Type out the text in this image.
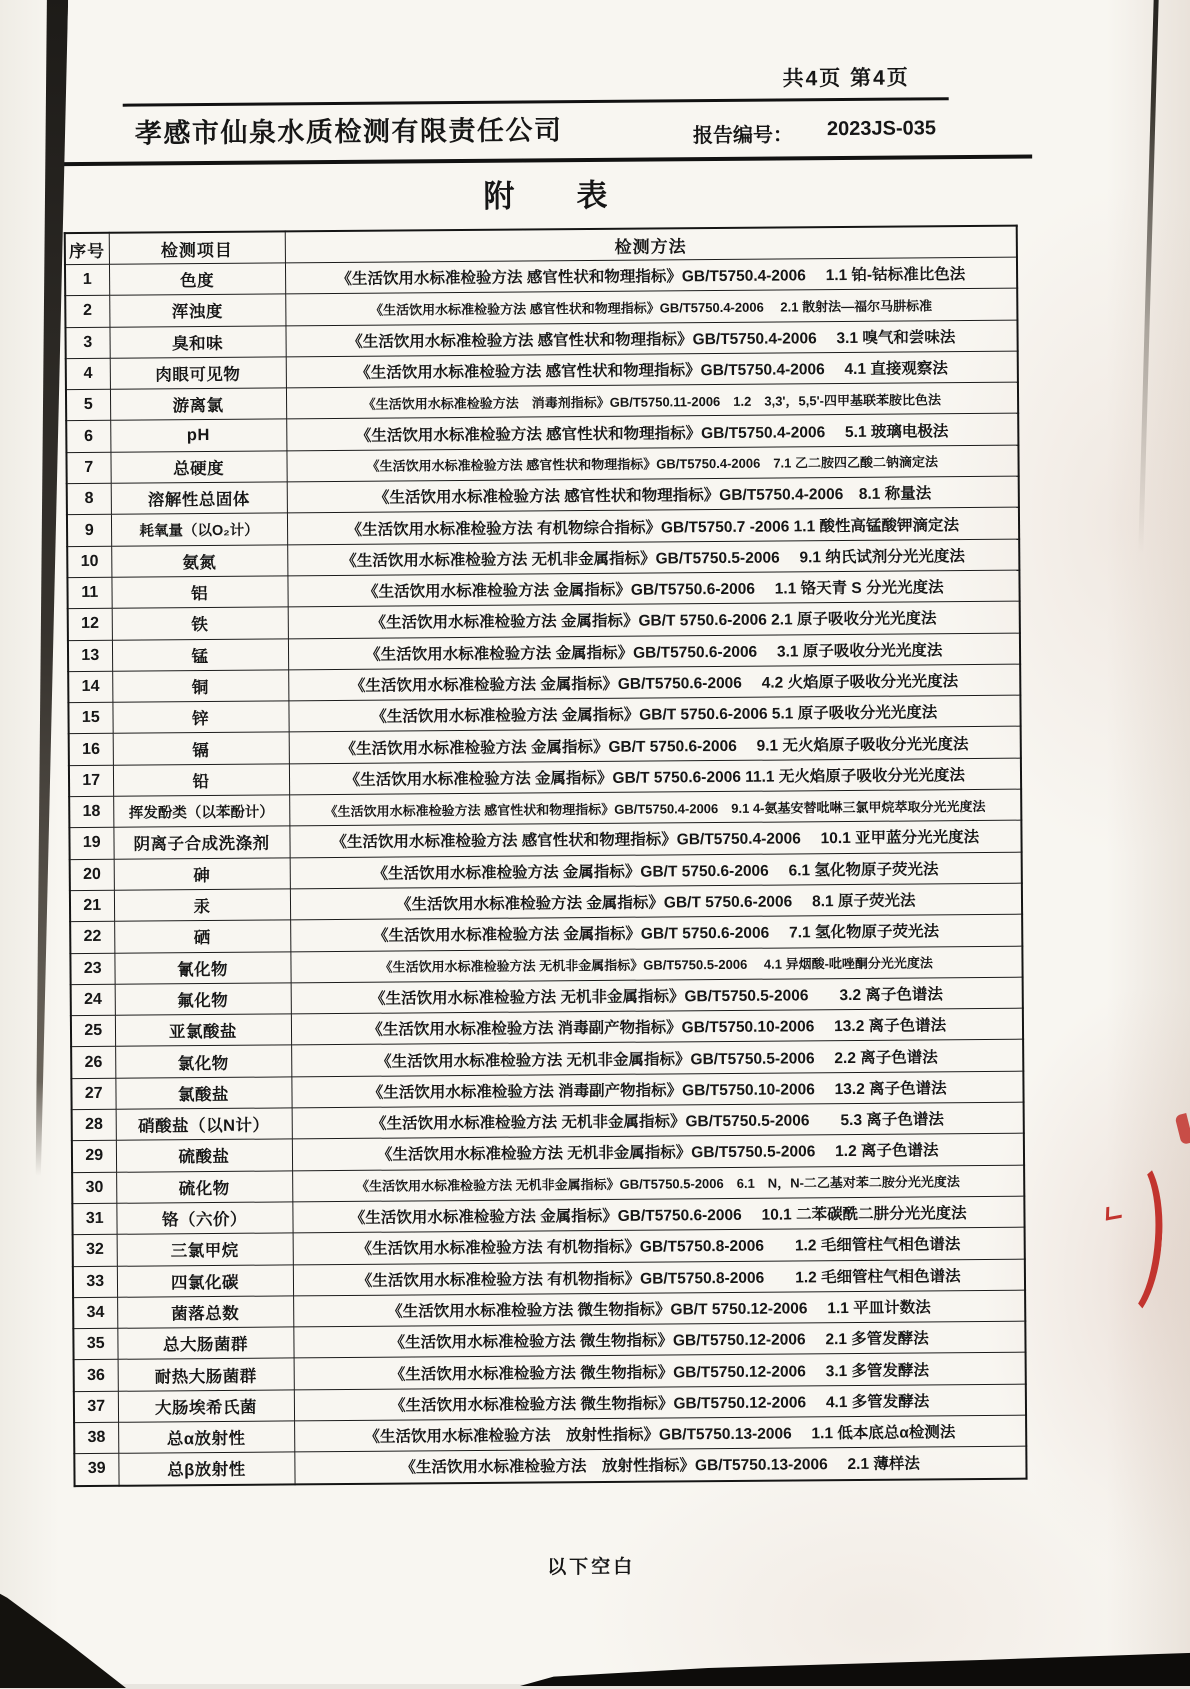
共4页 第4页
孝感市仙泉水质检测有限责任公司	报告编号： 2023JS-035
附　　表
序号	检测项目	检测方法
1	色度	《生活饮用水标准检验方法 感官性状和物理指标》GB/T5750.4-2006　 1.1 铂-钴标准比色法
2	浑浊度	《生活饮用水标准检验方法 感官性状和物理指标》GB/T5750.4-2006　 2.1 散射法—福尔马肼标准
3	臭和味	《生活饮用水标准检验方法 感官性状和物理指标》GB/T5750.4-2006　 3.1 嗅气和尝味法
4	肉眼可见物	《生活饮用水标准检验方法 感官性状和物理指标》GB/T5750.4-2006　 4.1 直接观察法
5	游离氯	《生活饮用水标准检验方法　消毒剂指标》GB/T5750.11-2006　1.2　3,3'，5,5'-四甲基联苯胺比色法
6	pH	《生活饮用水标准检验方法 感官性状和物理指标》GB/T5750.4-2006　 5.1 玻璃电极法
7	总硬度	《生活饮用水标准检验方法 感官性状和物理指标》GB/T5750.4-2006　7.1 乙二胺四乙酸二钠滴定法
8	溶解性总固体	《生活饮用水标准检验方法 感官性状和物理指标》GB/T5750.4-2006　8.1 称量法
9	耗氧量（以O₂计）	《生活饮用水标准检验方法 有机物综合指标》GB/T5750.7 -2006 1.1 酸性高锰酸钾滴定法
10	氨氮	《生活饮用水标准检验方法 无机非金属指标》GB/T5750.5-2006　 9.1 纳氏试剂分光光度法
11	铝	《生活饮用水标准检验方法 金属指标》GB/T5750.6-2006　 1.1 铬天青 S 分光光度法
12	铁	《生活饮用水标准检验方法 金属指标》GB/T 5750.6-2006 2.1 原子吸收分光光度法
13	锰	《生活饮用水标准检验方法 金属指标》GB/T5750.6-2006　 3.1 原子吸收分光光度法
14	铜	《生活饮用水标准检验方法 金属指标》GB/T5750.6-2006　 4.2 火焰原子吸收分光光度法
15	锌	《生活饮用水标准检验方法 金属指标》GB/T 5750.6-2006 5.1 原子吸收分光光度法
16	镉	《生活饮用水标准检验方法 金属指标》GB/T 5750.6-2006　 9.1 无火焰原子吸收分光光度法
17	铅	《生活饮用水标准检验方法 金属指标》GB/T 5750.6-2006 11.1 无火焰原子吸收分光光度法
18	挥发酚类（以苯酚计）	《生活饮用水标准检验方法 感官性状和物理指标》GB/T5750.4-2006　9.1 4-氨基安替吡啉三氯甲烷萃取分光光度法
19	阴离子合成洗涤剂	《生活饮用水标准检验方法 感官性状和物理指标》GB/T5750.4-2006　 10.1 亚甲蓝分光光度法
20	砷	《生活饮用水标准检验方法 金属指标》GB/T 5750.6-2006　 6.1 氢化物原子荧光法
21	汞	《生活饮用水标准检验方法 金属指标》GB/T 5750.6-2006　 8.1 原子荧光法
22	硒	《生活饮用水标准检验方法 金属指标》GB/T 5750.6-2006　 7.1 氢化物原子荧光法
23	氰化物	《生活饮用水标准检验方法 无机非金属指标》GB/T5750.5-2006　 4.1 异烟酸-吡唑酮分光光度法
24	氟化物	《生活饮用水标准检验方法 无机非金属指标》GB/T5750.5-2006　　3.2 离子色谱法
25	亚氯酸盐	《生活饮用水标准检验方法 消毒副产物指标》GB/T5750.10-2006　 13.2 离子色谱法
26	氯化物	《生活饮用水标准检验方法 无机非金属指标》GB/T5750.5-2006　 2.2 离子色谱法
27	氯酸盐	《生活饮用水标准检验方法 消毒副产物指标》GB/T5750.10-2006　 13.2 离子色谱法
28	硝酸盐（以N计）	《生活饮用水标准检验方法 无机非金属指标》GB/T5750.5-2006　　5.3 离子色谱法
29	硫酸盐	《生活饮用水标准检验方法 无机非金属指标》GB/T5750.5-2006　 1.2 离子色谱法
30	硫化物	《生活饮用水标准检验方法 无机非金属指标》GB/T5750.5-2006　6.1　N，N-二乙基对苯二胺分光光度法
31	铬（六价）	《生活饮用水标准检验方法 金属指标》GB/T5750.6-2006　 10.1 二苯碳酰二肼分光光度法
32	三氯甲烷	《生活饮用水标准检验方法 有机物指标》GB/T5750.8-2006　　1.2 毛细管柱气相色谱法
33	四氯化碳	《生活饮用水标准检验方法 有机物指标》GB/T5750.8-2006　　1.2 毛细管柱气相色谱法
34	菌落总数	《生活饮用水标准检验方法 微生物指标》GB/T 5750.12-2006　 1.1 平皿计数法
35	总大肠菌群	《生活饮用水标准检验方法 微生物指标》GB/T5750.12-2006　 2.1 多管发酵法
36	耐热大肠菌群	《生活饮用水标准检验方法 微生物指标》GB/T5750.12-2006　 3.1 多管发酵法
37	大肠埃希氏菌	《生活饮用水标准检验方法 微生物指标》GB/T5750.12-2006　 4.1 多管发酵法
38	总α放射性	《生活饮用水标准检验方法　放射性指标》GB/T5750.13-2006　 1.1 低本底总α检测法
39	总β放射性	《生活饮用水标准检验方法　放射性指标》GB/T5750.13-2006　 2.1 薄样法
以下空白
